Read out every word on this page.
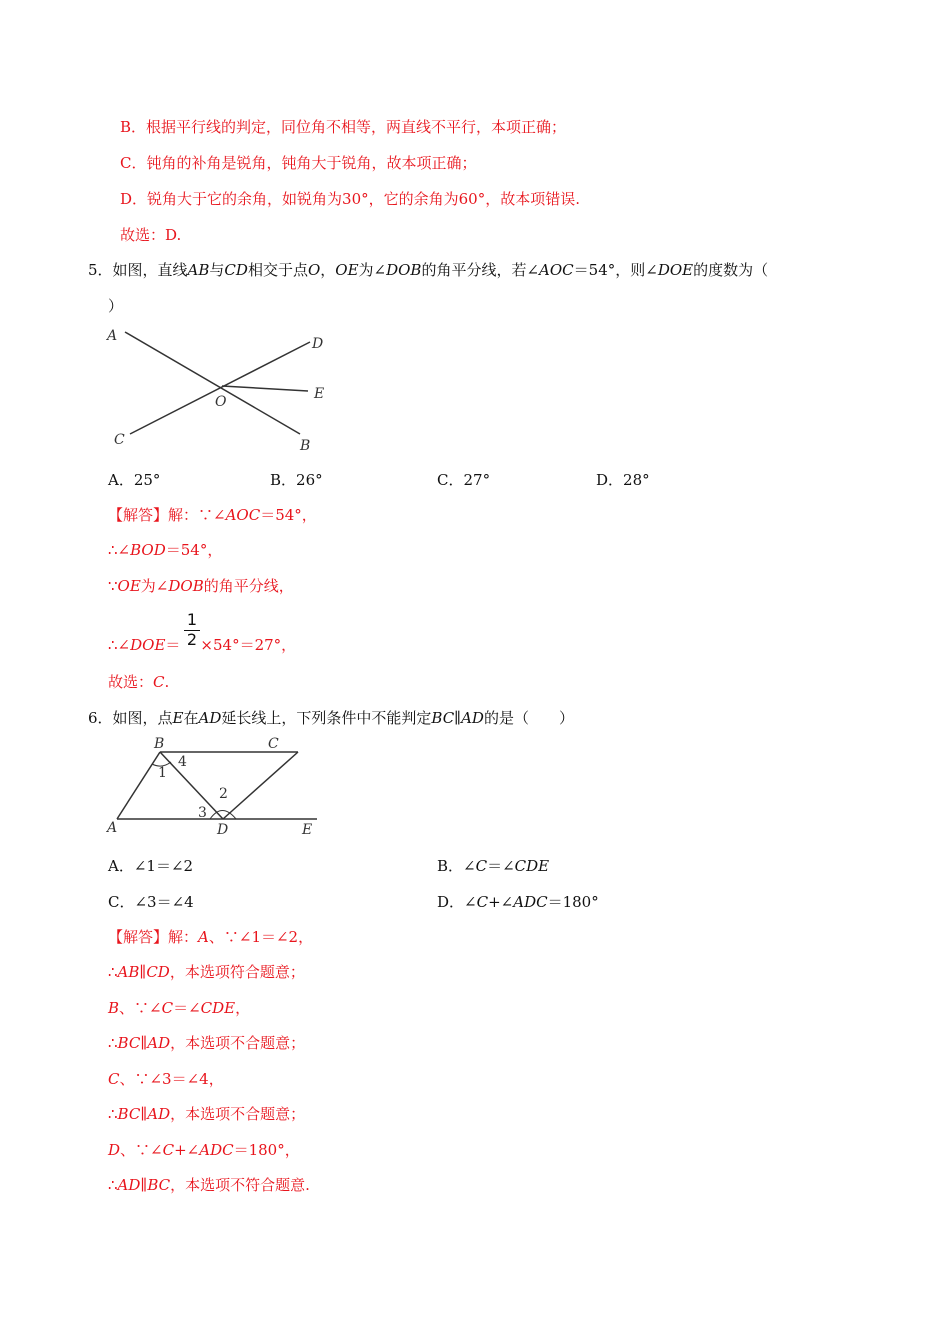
B．根据平行线的判定，同位角不相等，两直线不平行，本项正确；
C．钝角的补角是锐角，钝角大于锐角，故本项正确；
D．锐角大于它的余角，如锐角为30°，它的余角为60°，故本项错误.
故选：D.
5．如图，直线AB与CD相交于点O，OE为∠DOB的角平分线，若∠AOC＝54°，则∠DOE的度数为（
）
A	D
E
O
C	B
A．25°	B．26°	C．27°	D．28°
【解答】解：∵∠AOC＝54°，
∴∠BOD＝54°，
∵OE为∠DOB的角平分线，
∴∠DOE＝ ×54°＝27°，
1
2
故选：C.
6．如图，点E在AD延长线上，下列条件中不能判定BC∥AD的是（　　）
B	C
A	D	E
1
4
2
3
A．∠1＝∠2	B．∠C＝∠CDE
C．∠3＝∠4	D．∠C+∠ADC＝180°
【解答】解：A、∵∠1＝∠2，
∴AB∥CD，本选项符合题意；
B、∵∠C＝∠CDE，
∴BC∥AD，本选项不合题意；
C、∵∠3＝∠4，
∴BC∥AD，本选项不合题意；
D、∵∠C+∠ADC＝180°，
∴AD∥BC，本选项不符合题意.
